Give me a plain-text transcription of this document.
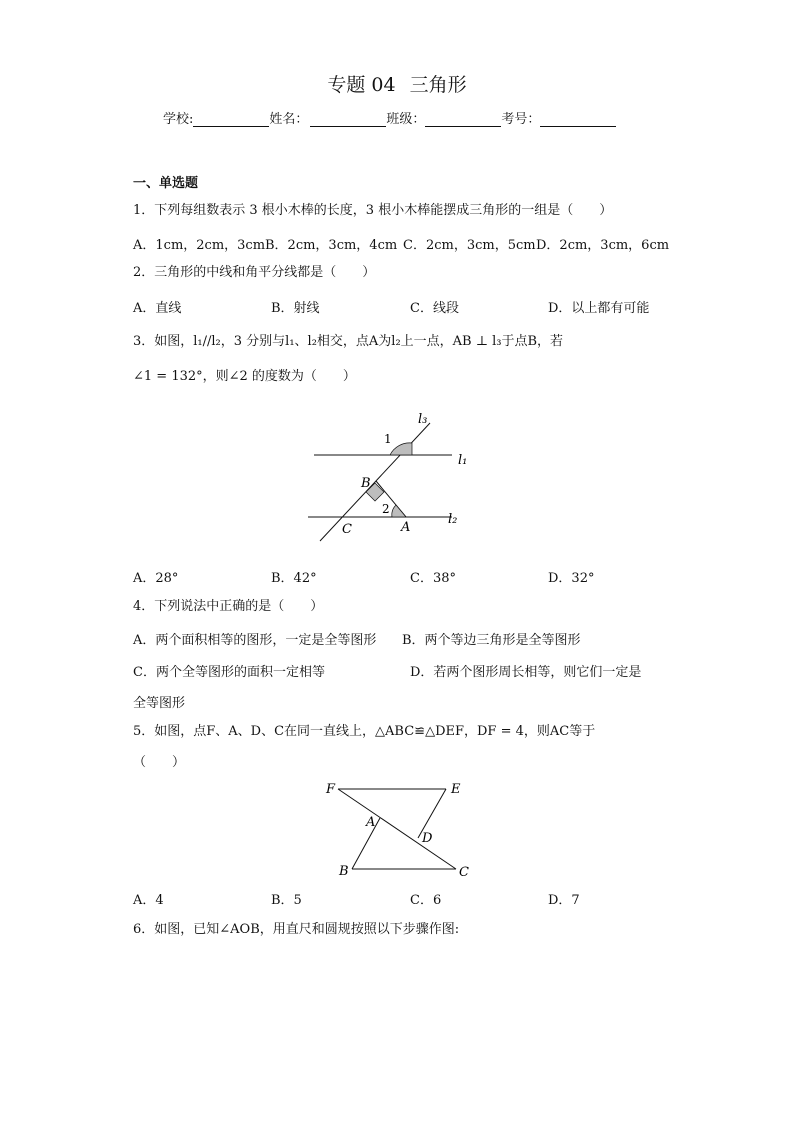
专题 04 三角形
学校:	姓名：	班级：	考号：
一、单选题
1．下列每组数表示 3 根小木棒的长度，3 根小木棒能摆成三角形的一组是（　　）
A．1cm，2cm，3cm B．2cm，3cm，4cm C．2cm，3cm，5cm D．2cm，3cm，6cm
2．三角形的中线和角平分线都是（　　）
A．直线	B．射线	C．线段	D．以上都有可能
3．如图，l₁//l₂，3 分别与l₁、l₂相交，点A为l₂上一点，AB ⊥ l₃于点B，若
∠1 = 132°，则∠2 的度数为（　　）
l₃
l₁
l₂
1
2
B
C	A
A．28°	B．42°	C．38°	D．32°
4．下列说法中正确的是（　　）
A．两个面积相等的图形，一定是全等图形 B．两个等边三角形是全等图形
C．两个全等图形的面积一定相等	D．若两个图形周长相等，则它们一定是
全等图形
5．如图，点F、A、D、C在同一直线上，△ABC≌△DEF，DF = 4，则AC等于
（　　）
F	E
A
D
B	C
A．4	B．5	C．6	D．7
6．如图，已知∠AOB，用直尺和圆规按照以下步骤作图:
